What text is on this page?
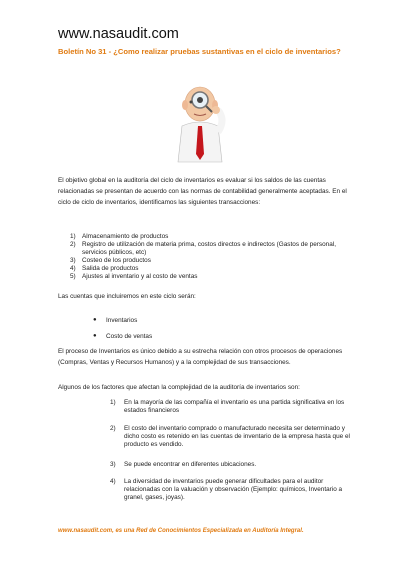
www.nasaudit.com
Boletín No 31 - ¿Como realizar pruebas sustantivas en el ciclo de inventarios?
El objetivo global en la auditoría del ciclo de inventarios es evaluar si los saldos de las cuentas relacionadas se presentan de acuerdo con las normas de contabilidad generalmente aceptadas. En el ciclo de ciclo de inventarios, identificamos las siguientes transacciones:
1) Almacenamiento de productos
2) Registro de utilización de materia prima, costos directos e indirectos (Gastos de personal, servicios públicos, etc)
3) Costeo de los productos
4) Salida de productos
5) Ajustes al inventario y al costo de ventas
Las cuentas que incluiremos en este ciclo serán:
●	Inventarios
●	Costo de ventas
El proceso de Inventarios es único debido a su estrecha relación con otros procesos de operaciones (Compras, Ventas y Recursos Humanos) y a la complejidad de sus transacciones.
Algunos de los factores que afectan la complejidad de la auditoría de inventarios son:
1)	En la mayoría de las compañía el inventario es una partida significativa en los estados financieros
2)	El costo del inventario comprado o manufacturado necesita ser determinado y dicho costo es retenido en las cuentas de inventario de la empresa hasta que el producto es vendido.
3)	Se puede encontrar en diferentes ubicaciones.
4)	La diversidad de inventarios puede generar dificultades para el auditor relacionadas con la valuación y observación (Ejemplo: químicos, Inventario a granel, gases, joyas).
www.nasaudit.com, es una Red de Conocimientos Especializada en Auditoría Integral.
